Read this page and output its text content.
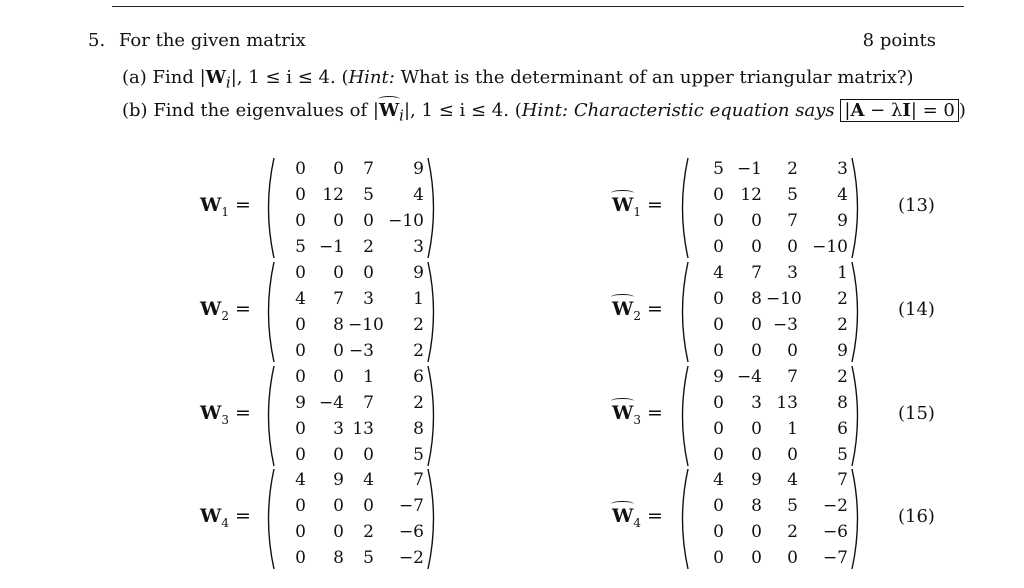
5. For the given matrix	8 points
(a) Find $|W_i|$, 1 ≤ i ≤ 4. (Hint: What is the determinant of an upper triangular matrix?)
(b) Find the eigenvalues of $|W_i|$, 1 ≤ i ≤ 4. (Hint: Characteristic equation says |A − λI| = 0 )
$W_1$ =
0	0	7	9
0 12	5	4
0	0	0 −10
5 −1	2	3
$W_1$ =
5 −1	2	3
0 12	5	4
0	0	7	9
0	0	0 −10
$W_2$ =
0	0	0	9
4	7	3	1
0	8 −10	2
0	0 −3	2
$W_2$ =
4	7	3	1
0	8 −10	2
0	0 −3	2
0	0	0	9
$W_3$ =
0	0	1	6
9 −4	7	2
0	3 13	8
0	0	0	5
$W_3$ =
9 −4	7	2
0	3 13	8
0	0	1	6
0	0	0	5
$W_4$ =
4	9	4	7
0	0	0	−7
0	0	2	−6
0	8	5	−2
$W_4$ =
4	9	4	7
0	8	5	−2
0	0	2	−6
0	0	0	−7
(13)
(14)
(15)
(16)
